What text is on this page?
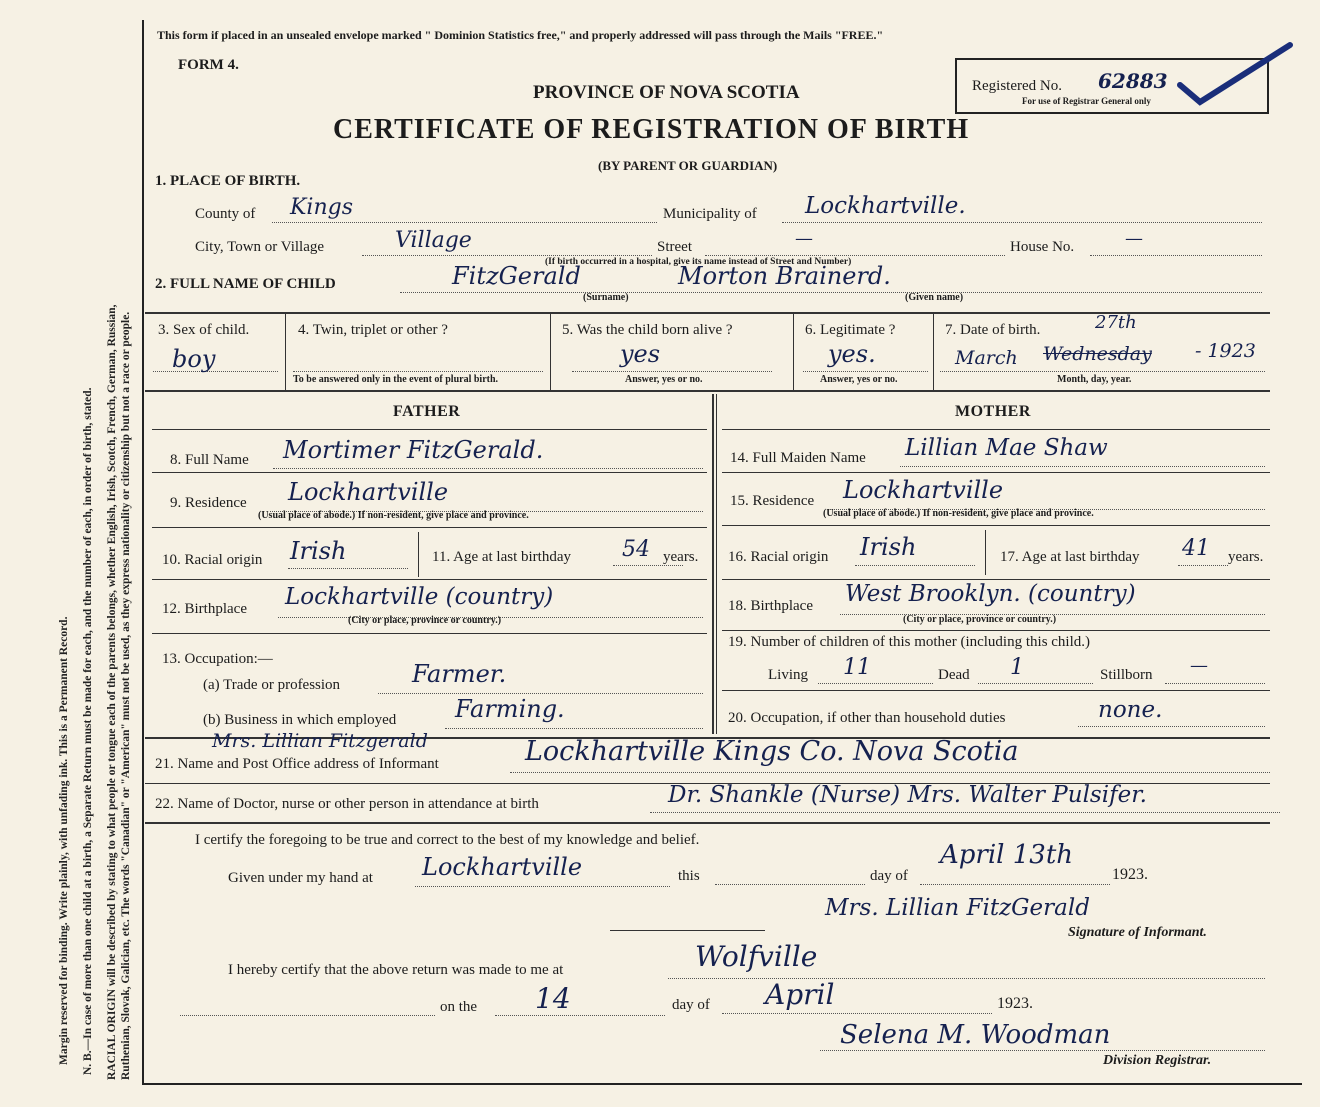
Margin reserved for binding. Write plainly, with unfading ink. This is a Permanent Record. N. B.—In case of more than one child at a birth, a Separate Return must be made for each, and the number of each, in order of birth, stated. RACIAL ORIGIN will be described by stating to what people or tongue each of the parents belongs, whether English, Irish, Scotch, French, German, Russian, Ruthenian, Slovak, Galician, etc. The words "Canadian" or "American" must not be used, as they express nationality or citizenship but not a race or people.
This form if placed in an unsealed envelope marked " Dominion Statistics free," and properly addressed will pass through the Mails "FREE."
FORM 4.
PROVINCE OF NOVA SCOTIA
CERTIFICATE OF REGISTRATION OF BIRTH
(BY PARENT OR GUARDIAN)
Registered No. 62883
For use of Registrar General only
1. PLACE OF BIRTH.
County of Kings	Municipality of Lockhartville.
City, Town or Village	Village	Street	—	House No.	—
(If birth occurred in a hospital, give its name instead of Street and Number)
2. FULL NAME OF CHILD	FitzGerald	Morton Brainerd.
(Surname)	(Given name)
3. Sex of child.
boy
4. Twin, triplet or other ?
To be answered only in the event of plural birth.
5. Was the child born alive ?
yes
Answer, yes or no.
6. Legitimate ?
yes.
Answer, yes or no.
7. Date of birth.	27th
March Wednesday - 1923
Month, day, year.
FATHER	MOTHER
8. Full Name Mortimer FitzGerald.
9. Residence Lockhartville
(Usual place of abode.) If non-resident, give place and province.
10. Racial origin Irish	11. Age at last birthday 54 years.
12. Birthplace Lockhartville (country)
(City or place, province or country.)
13. Occupation:—
(a) Trade or profession	Farmer.
(b) Business in which employed Farming.
14. Full Maiden Name Lillian Mae Shaw
15. Residence Lockhartville
(Usual place of abode.) If non-resident, give place and province.
16. Racial origin Irish	17. Age at last birthday 41 years.
18. Birthplace West Brooklyn. (country)
(City or place, province or country.)
19. Number of children of this mother (including this child.)
Living 11	Dead 1	Stillborn —
20. Occupation, if other than household duties	none.
Mrs. Lillian Fitzgerald
21. Name and Post Office address of Informant	Lockhartville Kings Co. Nova Scotia
22. Name of Doctor, nurse or other person in attendance at birth	Dr. Shankle (Nurse) Mrs. Walter Pulsifer.
I certify the foregoing to be true and correct to the best of my knowledge and belief.
Given under my hand at Lockhartville	this	day of
April 13th
1923.
Mrs. Lillian FitzGerald
Signature of Informant.
I hereby certify that the above return was made to me at	Wolfville
on the 14	day of April	1923.
Selena M. Woodman
Division Registrar.
